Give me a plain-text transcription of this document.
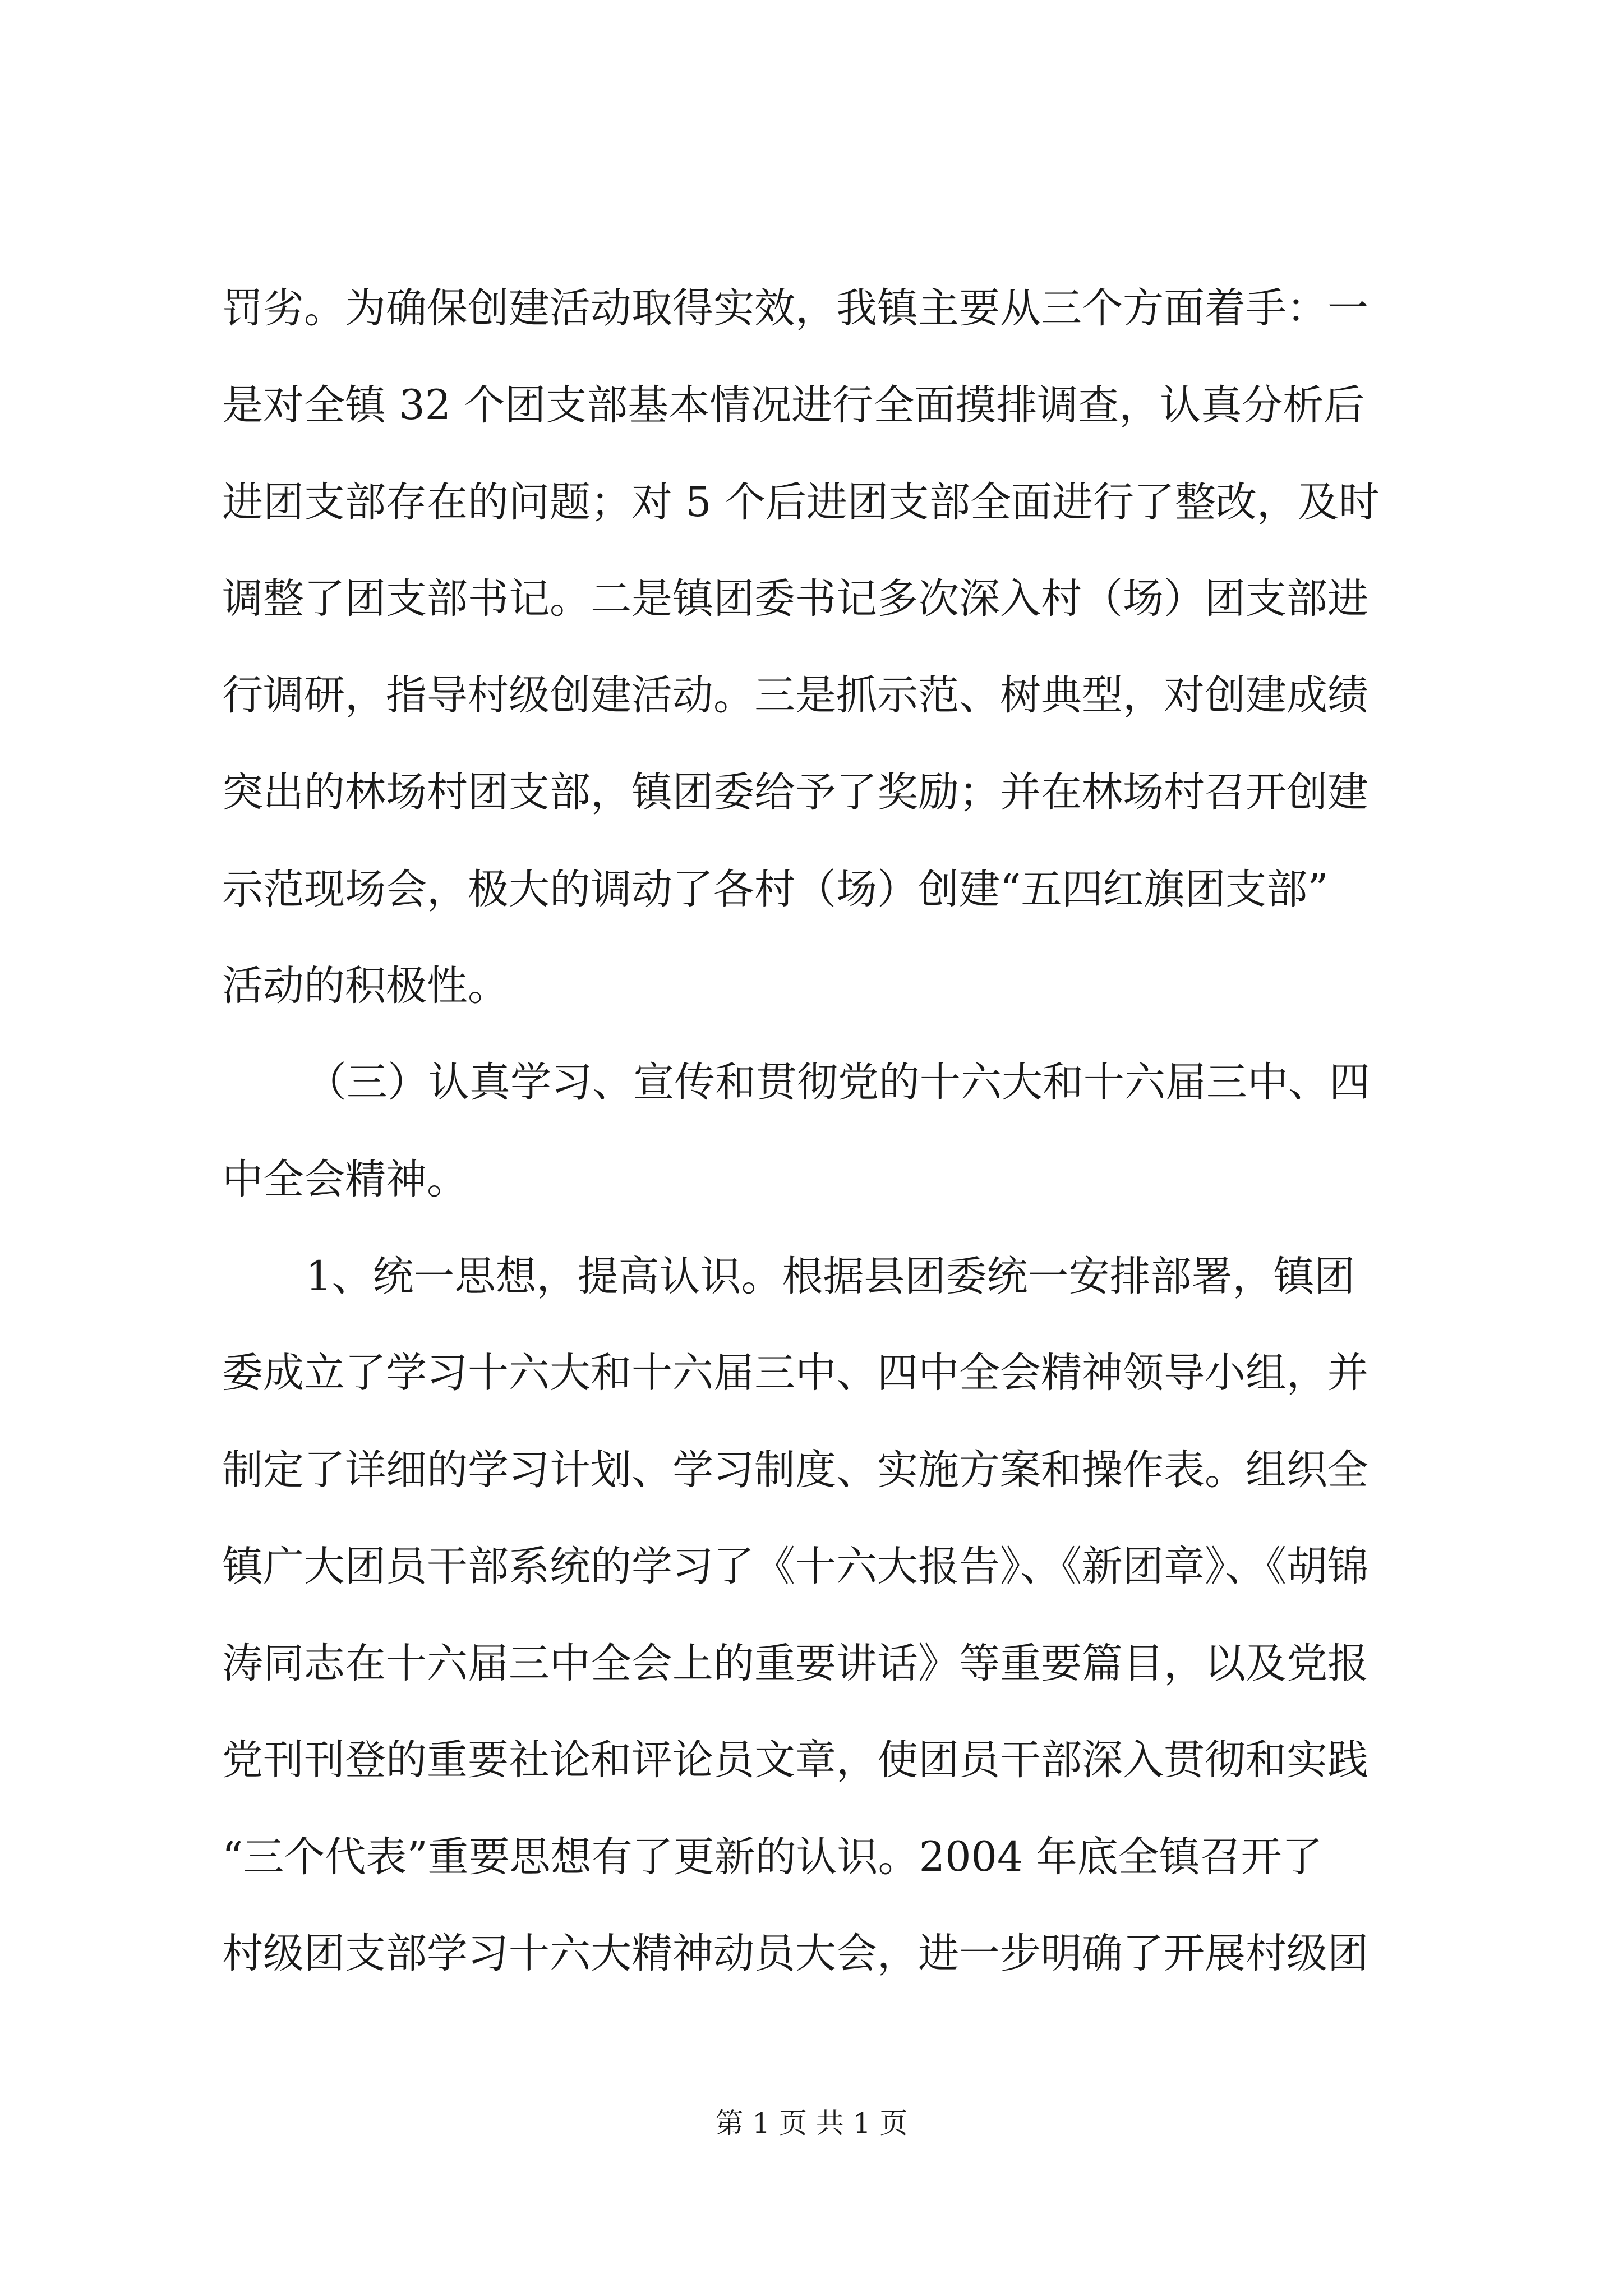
罚劣。为确保创建活动取得实效，我镇主要从三个方面着手：一
是对全镇 32 个团支部基本情况进行全面摸排调查，认真分析后
进团支部存在的问题；对 5 个后进团支部全面进行了整改，及时
调整了团支部书记。二是镇团委书记多次深入村（场）团支部进
行调研，指导村级创建活动。三是抓示范、树典型，对创建成绩
突出的林场村团支部，镇团委给予了奖励；并在林场村召开创建
示范现场会，极大的调动了各村（场）创建“五四红旗团支部”
活动的积极性。
（三）认真学习、宣传和贯彻党的十六大和十六届三中、四
中全会精神。
1、统一思想，提高认识。根据县团委统一安排部署，镇团
委成立了学习十六大和十六届三中、四中全会精神领导小组，并
制定了详细的学习计划、学习制度、实施方案和操作表。组织全
镇广大团员干部系统的学习了《十六大报告》、《新团章》、《胡锦
涛同志在十六届三中全会上的重要讲话》等重要篇目，以及党报
党刊刊登的重要社论和评论员文章，使团员干部深入贯彻和实践
“三个代表”重要思想有了更新的认识。2004 年底全镇召开了
村级团支部学习十六大精神动员大会，进一步明确了开展村级团
第 1 页 共 1 页
